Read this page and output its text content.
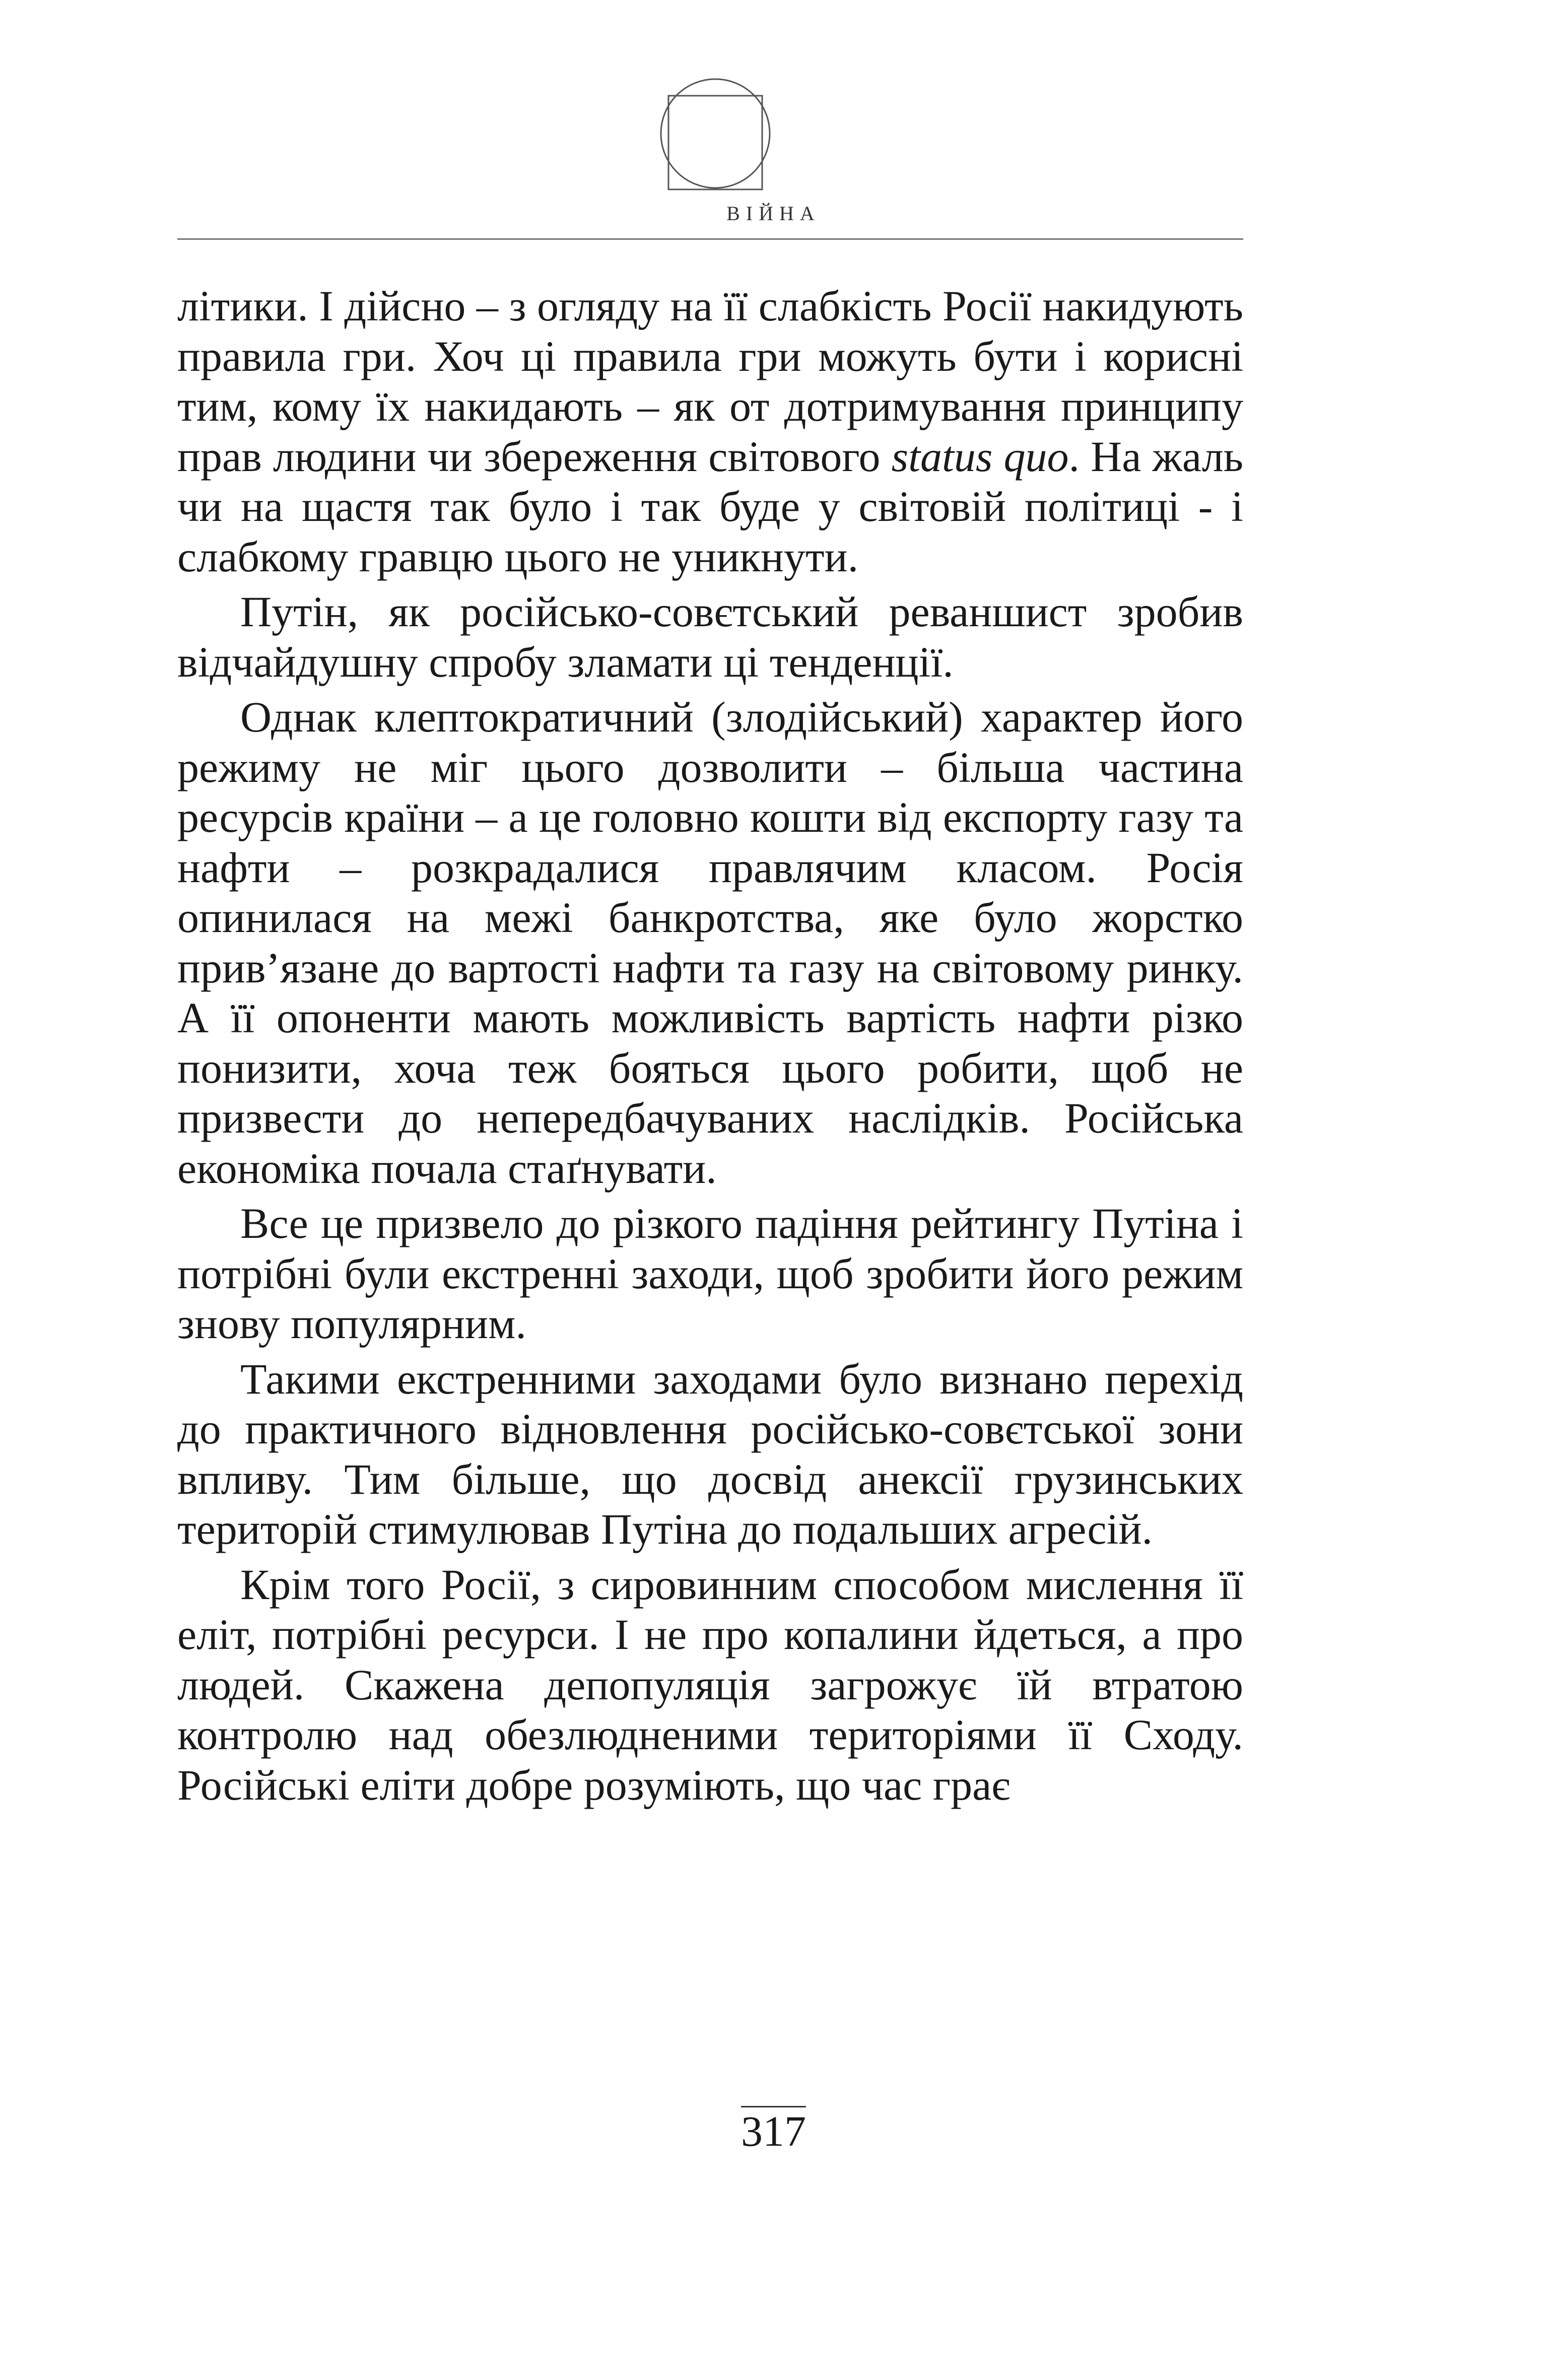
ВІЙНА

літики. І дійсно – з огляду на її слабкість Росії накидують правила гри. Хоч ці правила гри можуть бути і корисні тим, кому їх накидають – як от дотримування принципу прав людини чи збереження світового status quo. На жаль чи на щастя так було і так буде у світовій політиці - і слабкому гравцю цього не уникнути.

Путін, як російсько-совєтський реваншист зробив відчайдушну спробу зламати ці тенденції.

Однак клептократичний (злодійський) характер його режиму не міг цього дозволити – більша частина ресурсів країни – а це головно кошти від експорту газу та нафти – розкрадалися правлячим класом. Росія опинилася на межі банкротства, яке було жорстко прив’язане до вартості нафти та газу на світовому ринку. А її опоненти мають можливість вартість нафти різко понизити, хоча теж бояться цього робити, щоб не призвести до непередбачуваних наслідків. Російська економіка почала стаґнувати.

Все це призвело до різкого падіння рейтингу Путіна і потрібні були екстренні заходи, щоб зробити його режим знову популярним.

Такими екстренними заходами було визнано перехід до практичного відновлення російсько-совєтської зони впливу. Тим більше, що досвід анексії грузинських територій стимулював Путіна до подальших агресій.

Крім того Росії, з сировинним способом мислення її еліт, потрібні ресурси. І не про копалини йдеться, а про людей. Скажена депопуляція загрожує їй втратою контролю над обезлюдненими територіями її Сходу. Російські еліти добре розуміють, що час грає

317
